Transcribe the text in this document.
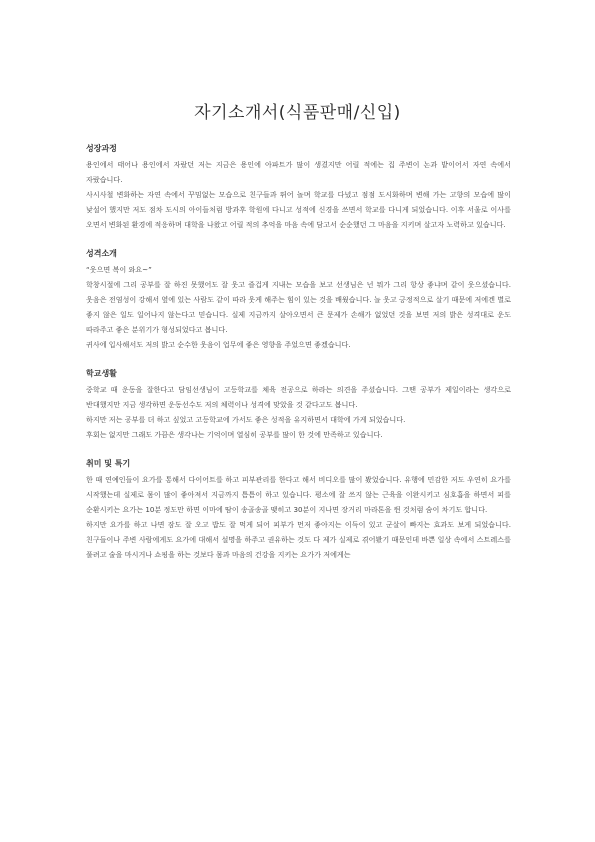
자기소개서(식품판매/신입)
성장과정

용인에서 태어나 용인에서 자랐던 저는 지금은 용인에 아파트가 많이 생겼지만 어릴 적에는 집 주변이 논과 밭이어서 자연 속에서 자랐습니다.

사시사철 변화하는 자연 속에서 꾸밈없는 모습으로 친구들과 뛰어 놀며 학교를 다녔고 점점 도시화하며 변해 가는 고향의 모습에 많이 낯설어 했지만 저도 점차 도시의 아이들처럼 방과후 학원에 다니고 성적에 신경을 쓰면서 학교를 다니게 되었습니다. 이후 서울로 이사를 오면서 변화된 환경에 적응하며 대학을 나왔고 어릴 적의 추억을 마음 속에 담고서 순순했던 그 마음을 지키며 살고자 노력하고 있습니다.

성격소개

“웃으면 복이 와요~”

학창시절에 그리 공부를 잘 하진 못했어도 잘 웃고 즐겁게 지내는 모습을 보고 선생님은 넌 뭐가 그리 항상 좋냐며 같이 웃으셨습니다. 웃음은 전염성이 강해서 옆에 있는 사람도 같이 따라 웃게 해주는 힘이 있는 것을 배웠습니다. 늘 웃고 긍정적으로 살기 때문에 저에겐 별로 좋지 않은 일도 일어나지 않는다고 믿습니다. 실제 지금까지 살아오면서 큰 문제가 손해가 없었던 것을 보면 저의 밝은 성격대로 운도 따라주고 좋은 분위기가 형성되었다고 봅니다.

귀사에 입사해서도 저의 밝고 순수한 웃음이 업무에 좋은 영향을 주었으면 좋겠습니다.

학교생활

중학교 때 운동을 잘한다고 담임선생님이 고등학교를 체육 전공으로 하라는 의견을 주셨습니다. 그땐 공부가 제일이라는 생각으로 반대했지만 지금 생각하면 운동선수도 저의 체력이나 성격에 맞았을 것 같다고도 봅니다.

하지만 저는 공부를 더 하고 싶었고 고등학교에 가서도 좋은 성적을 유지하면서 대학에 가게 되었습니다.

후회는 없지만 그래도 가끔은 생각나는 기억이며 열심히 공부를 많이 한 것에 만족하고 있습니다.

취미 및 특기

한 때 연예인들이 요가를 통해서 다이어트를 하고 피부관리를 한다고 해서 비디오를 많이 봤었습니다. 유행에 민감한 저도 우연히 요가를 시작했는데 실제로 몸이 많이 좋아져서 지금까지 틈틈이 하고 있습니다. 평소에 잘 쓰지 않는 근육을 이완시키고 심호흡을 하면서 피를 순환시키는 요가는 10분 정도만 하면 이마에 땀이 송골송골 맺히고 30분이 지나면 장거리 마라톤을 뛴 것처럼 숨이 차기도 합니다.

하지만 요가를 하고 나면 잠도 잘 오고 밥도 잘 먹게 되어 피부가 먼저 좋아지는 이득이 있고 군살이 빠지는 효과도 보게 되었습니다. 친구들이나 주변 사람에게도 요가에 대해서 설명을 하주고 권유하는 것도 다 제가 실제로 겪어봤기 때문인데 바쁜 일상 속에서 스트레스를 풀려고 술을 마시거나 쇼핑을 하는 것보다 몸과 마음의 건강을 지키는 요가가 저에게는
